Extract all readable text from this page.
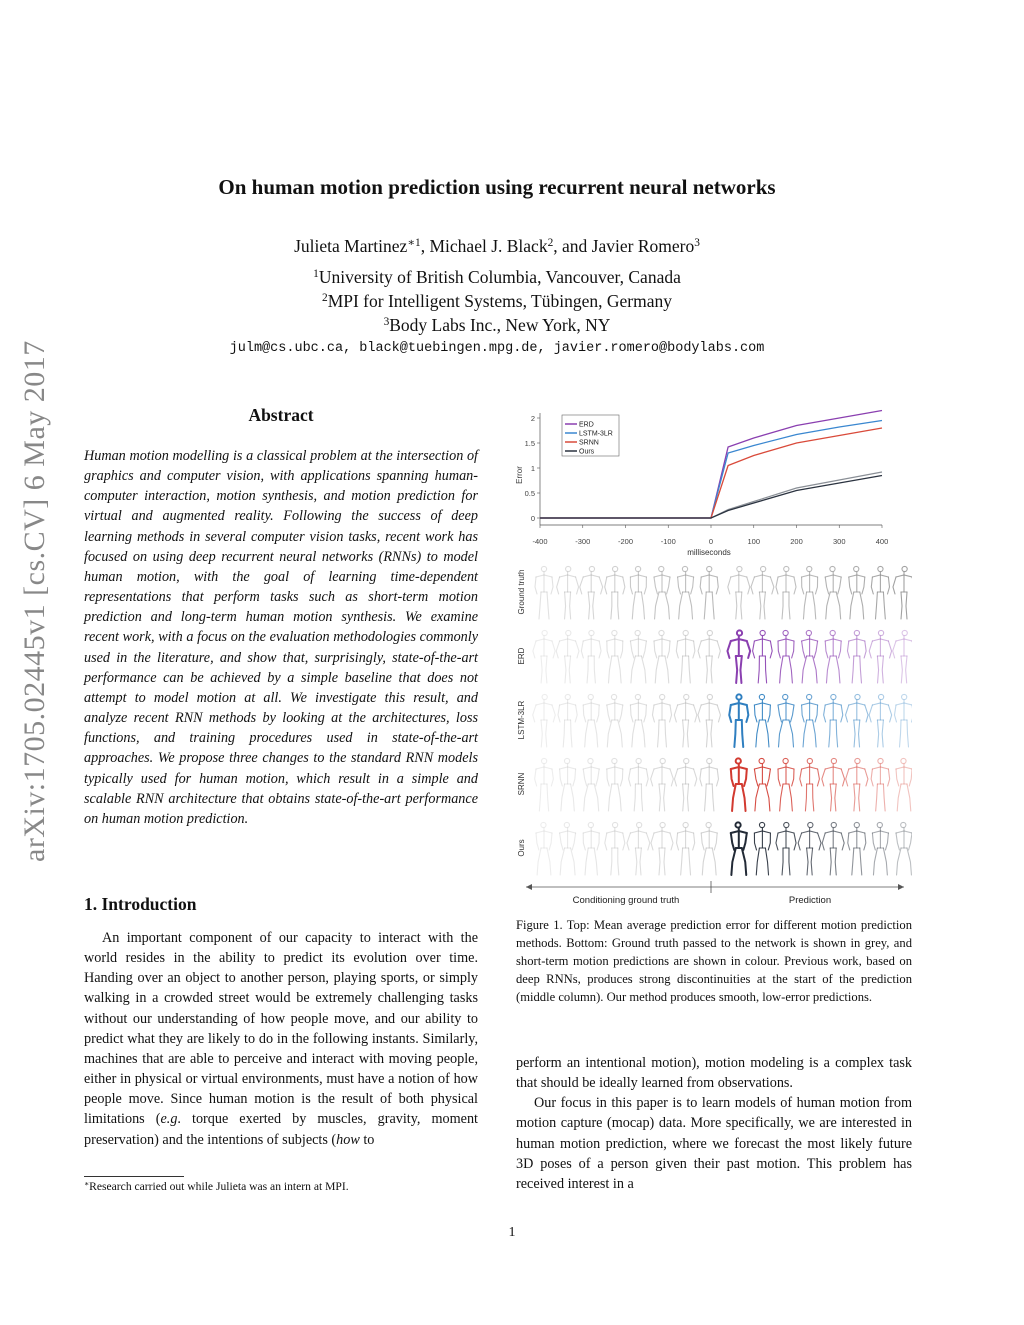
arXiv:1705.02445v1 [cs.CV] 6 May 2017
On human motion prediction using recurrent neural networks
Julieta Martinez$^{∗1}$, Michael J. Black$^2$, and Javier Romero$^3$
$^1$University of British Columbia, Vancouver, Canada
$^2$MPI for Intelligent Systems, Tübingen, Germany
$^3$Body Labs Inc., New York, NY
julm@cs.ubc.ca, black@tuebingen.mpg.de, javier.romero@bodylabs.com
Abstract
Human motion modelling is a classical problem at the intersection of graphics and computer vision, with applications spanning human-computer interaction, motion synthesis, and motion prediction for virtual and augmented reality. Following the success of deep learning methods in several computer vision tasks, recent work has focused on using deep recurrent neural networks (RNNs) to model human motion, with the goal of learning time-dependent representations that perform tasks such as short-term motion prediction and long-term human motion synthesis. We examine recent work, with a focus on the evaluation methodologies commonly used in the literature, and show that, surprisingly, state-of-the-art performance can be achieved by a simple baseline that does not attempt to model motion at all. We investigate this result, and analyze recent RNN methods by looking at the architectures, loss functions, and training procedures used in state-of-the-art approaches. We propose three changes to the standard RNN models typically used for human motion, which result in a simple and scalable RNN architecture that obtains state-of-the-art performance on human motion prediction.
1. Introduction
An important component of our capacity to interact with the world resides in the ability to predict its evolution over time. Handing over an object to another person, playing sports, or simply walking in a crowded street would be extremely challenging tasks without our understanding of how people move, and our ability to predict what they are likely to do in the following instants. Similarly, machines that are able to perceive and interact with moving people, either in physical or virtual environments, must have a notion of how people move. Since human motion is the result of both physical limitations (e.g. torque exerted by muscles, gravity, moment preservation) and the intentions of subjects (how to
∗Research carried out while Julieta was an intern at MPI.
0
0.5
1
1.5
2
-400	-300	-200	-100	0	100	200	300	400
Error
milliseconds
ERD
LSTM-3LR
SRNN
Ours
Ground truth
ERD
LSTM-3LR
SRNN
Ours
Conditioning ground truth	Prediction
Figure 1. Top: Mean average prediction error for different motion prediction methods. Bottom: Ground truth passed to the network is shown in grey, and short-term motion predictions are shown in colour. Previous work, based on deep RNNs, produces strong discontinuities at the start of the prediction (middle column). Our method produces smooth, low-error predictions.
perform an intentional motion), motion modeling is a complex task that should be ideally learned from observations.
Our focus in this paper is to learn models of human motion from motion capture (mocap) data. More specifically, we are interested in human motion prediction, where we forecast the most likely future 3D poses of a person given their past motion. This problem has received interest in a
1
